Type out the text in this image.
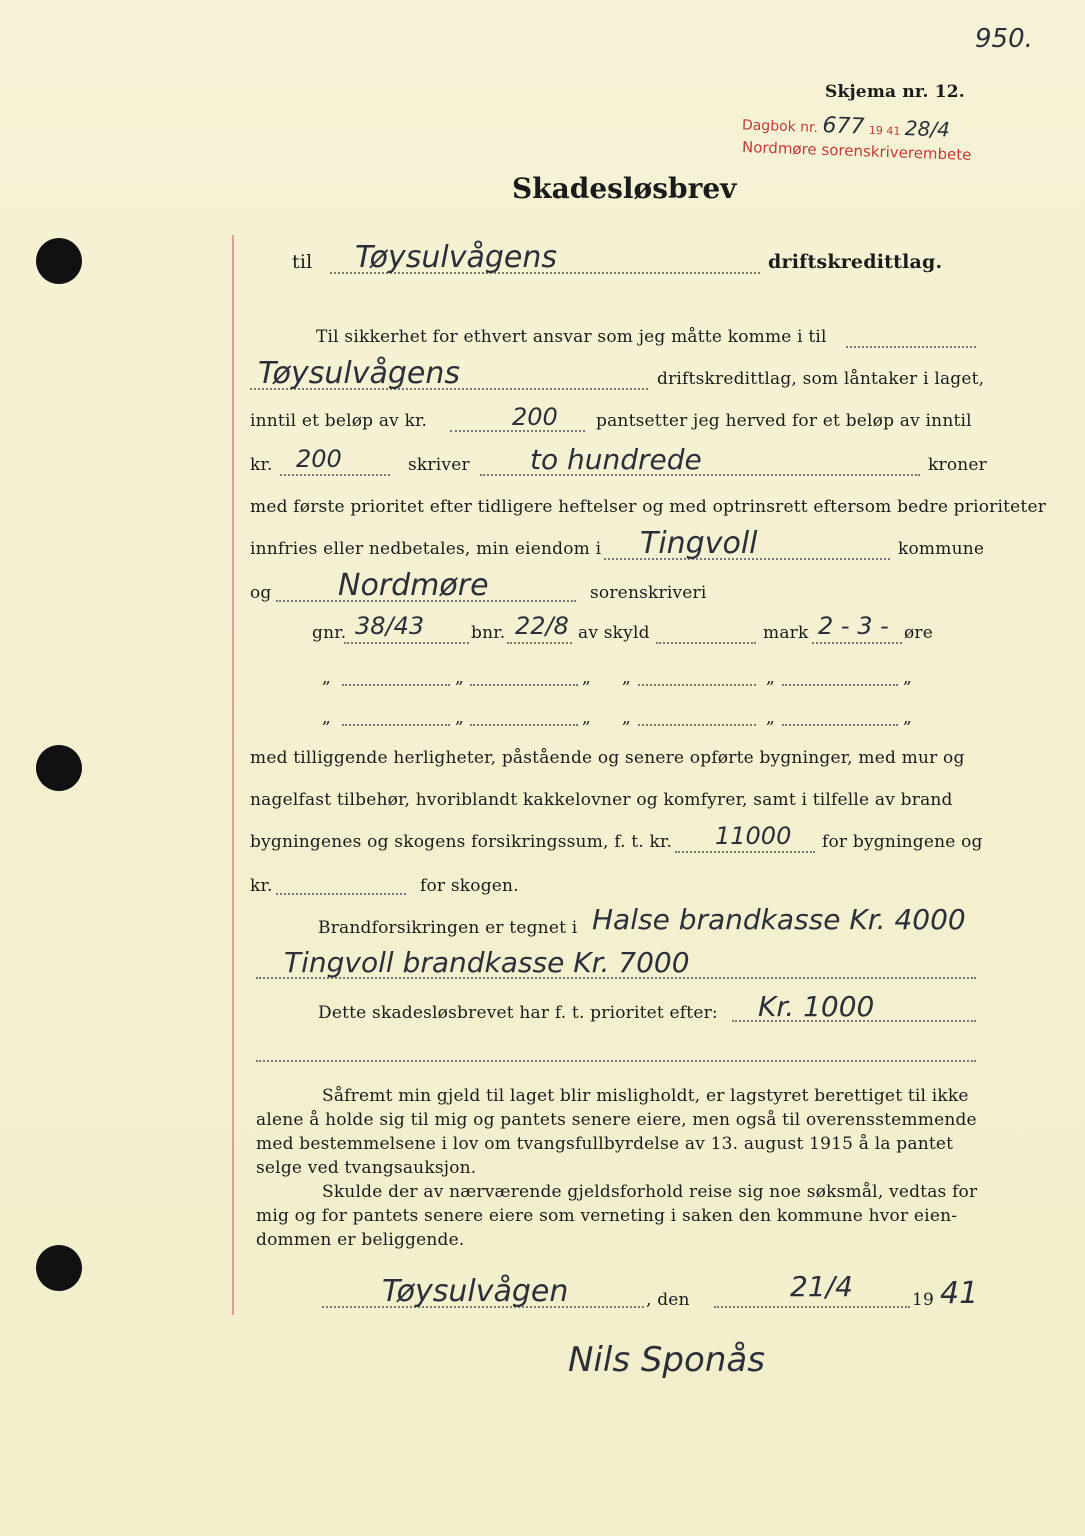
950.
Skjema nr. 12.
Dagbok nr. 677 19 41 28/4
Nordmøre sorenskriverembete
Skadesløsbrev
til Tøysulvågens	driftskredittlag.
Til sikkerhet for ethvert ansvar som jeg måtte komme i til
Tøysulvågens	driftskredittlag, som låntaker i laget,
inntil et beløp av kr.	200 pantsetter jeg herved for et beløp av inntil
kr. 200	skriver to hundrede	kroner
med første prioritet efter tidligere heftelser og med optrinsrett eftersom bedre prioriteter
innfries eller nedbetales, min eiendom i Tingvoll	kommune
og Nordmøre	sorenskriveri
gnr. 38/43	bnr. 22/8 av skyld	mark 2 - 3 - øre
„	„	„ „	„	„
„	„	„ „	„	„
med tilliggende herligheter, påstående og senere opførte bygninger, med mur og
nagelfast tilbehør, hvoriblandt kakkelovner og komfyrer, samt i tilfelle av brand
bygningenes og skogens forsikringssum, f. t. kr. 11000 for bygningene og
kr.	for skogen.
Brandforsikringen er tegnet i Halse brandkasse Kr. 4000
Tingvoll brandkasse Kr. 7000
Dette skadesløsbrevet har f. t. prioritet efter: Kr. 1000
Såfremt min gjeld til laget blir misligholdt, er lagstyret berettiget til ikke
alene å holde sig til mig og pantets senere eiere, men også til overensstemmende
med bestemmelsene i lov om tvangsfullbyrdelse av 13. august 1915 å la pantet
selge ved tvangsauksjon.
Skulde der av nærværende gjeldsforhold reise sig noe søksmål, vedtas for
mig og for pantets senere eiere som verneting i saken den kommune hvor eien-
dommen er beliggende.
Tøysulvågen	, den	21/4	19 41
Nils Sponås
